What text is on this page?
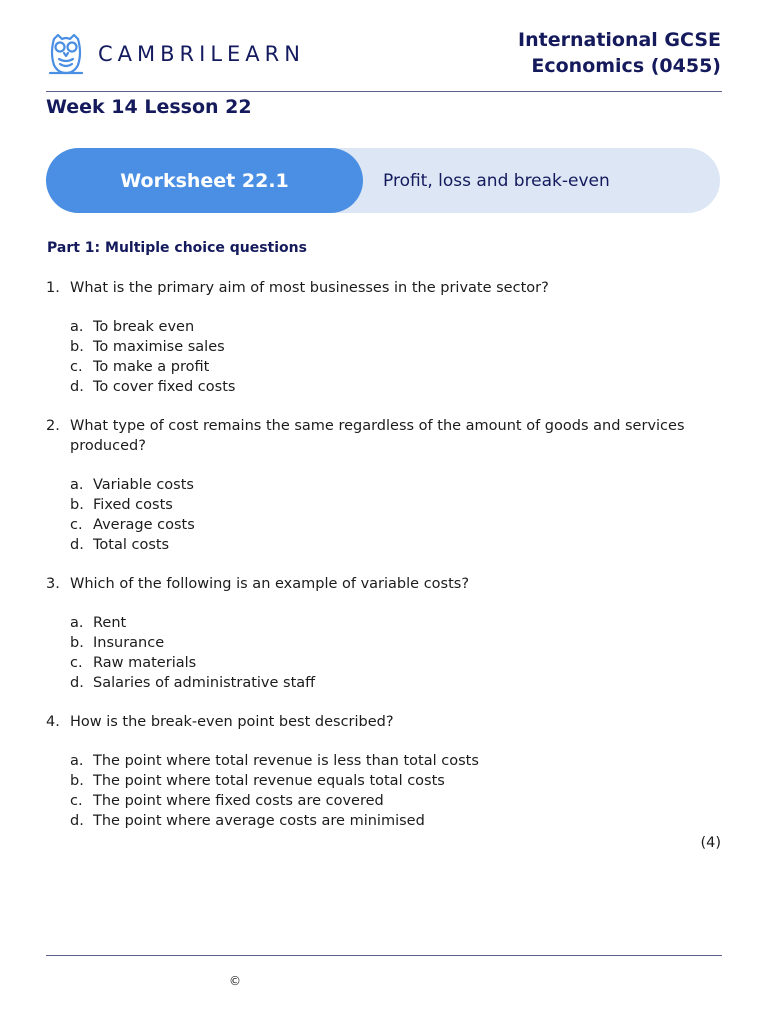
CAMBRILEARN
International GCSE
Economics (0455)
Week 14 Lesson 22
Worksheet 22.1	Profit, loss and break-even
Part 1: Multiple choice questions
1. What is the primary aim of most businesses in the private sector?
a. To break even
b. To maximise sales
c. To make a profit
d. To cover fixed costs
2. What type of cost remains the same regardless of the amount of goods and services produced?
a. Variable costs
b. Fixed costs
c. Average costs
d. Total costs
3. Which of the following is an example of variable costs?
a. Rent
b. Insurance
c. Raw materials
d. Salaries of administrative staff
4. How is the break-even point best described?
a. The point where total revenue is less than total costs
b. The point where total revenue equals total costs
c. The point where fixed costs are covered
d. The point where average costs are minimised
(4)
©
